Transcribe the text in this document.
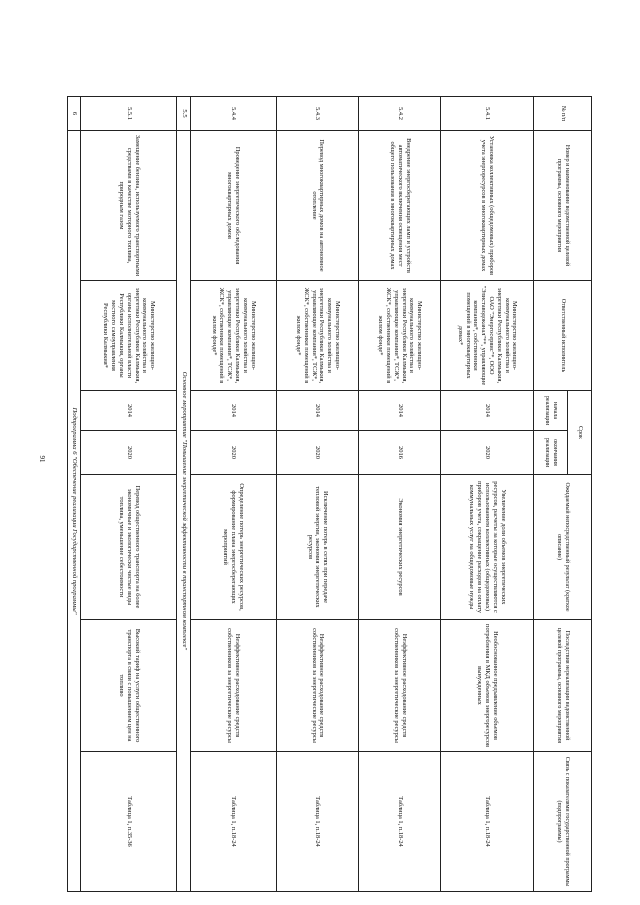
91
№ п/п	Номер и наименование ведомственной целевой программы, основного мероприятия	Ответственный исполнитель	Срок		Ожидаемый непосредственный результат (краткое описание)	Последствия нереализации ведомственной целевой программы, основного мероприятия	Связь с показателями государственной программы (подпрограммы)
			начала реализации	окончания реализации			
5.4.1	Установка коллективных (общедомовых) приборов учета энергоресурсов в многоквартирных домах	Министерство жилищно-коммунального хозяйства и энергетики Республики Калмыкия, ОАО "Энергосервис"*, ООО "Элиставодоканал"**, управляющие компании*, собственники помещений в многоквартирных домах*	2014	2020	Увеличение доли объемов энергетических ресурсов, расчеты за которые осуществляются с использованием коллективных (общедомовых) приборов учета, сокращение расходов на оплату коммунальных услуг на общедомовые нужды	Необоснованное предъявление объемов потребления в МКД объемов энергоресурсов вынужденных	Таблица 1, п.18-24
5.4.2	Внедрение энергосберегающих ламп и устройств автоматического включения освещения мест общего пользования в многоквартирных домах	Министерство жилищно-коммунального хозяйства и энергетики Республики Калмыкия, управляющие компании*, ТСЖ*, ЖСК*, собственники помещений в жилом фонде*	2014	2016	Экономия энергетических ресурсов	Неэффективное расходование средств собственников за энергетические ресурсы	Таблица 1, п.18-24
5.4.3	Перевод многоквартирных домов на автономное отопление	Министерство жилищно-коммунального хозяйства и энергетики Республики Калмыкия, управляющие компании*, ТСЖ*, ЖСК*, собственники помещений в жилом фонде*	2014	2020	Исключение потерь в сетях при передаче тепловой энергии, экономия энергетических ресурсов	Неэффективное расходование средств собственников за энергетические ресурсы	Таблица 1, п.18-24
5.4.4	Проведение энергетического обследования многоквартирных домов	Министерство жилищно-коммунального хозяйства и энергетики Республики Калмыкия, управляющие компании*, ТСЖ*, ЖСК*, собственники помещений в жилом фонде*	2014	2020	Определение потерь энергетических ресурсов, формирование плана энергосберегающих мероприятий	Неэффективное расходование средств собственников за энергетические ресурсы	Таблица 1, п.18-24
5.5	Основное мероприятие "Повышение энергетической эффективности в транспортном комплексе"						
5.5.1	Замещение бензина, используемого транспортными средствами в качестве моторного топлива, природным газом	Министерство жилищно-коммунального хозяйства и энергетики Республики Калмыкия, органы исполнительной власти Республики Калмыкия, органы местного самоуправления Республики Калмыкия*	2014	2020	Перевод общественного транспорта на более экономичные и экологически чистые виды топлива, уменьшение себестоимости	Высокий тариф на услуги общественного транспорта в связи с повышением цен на топливо	Таблица 1, п.35-36
6	Подпрограмма 6 "Обеспечение реализации Государственной программы"						
